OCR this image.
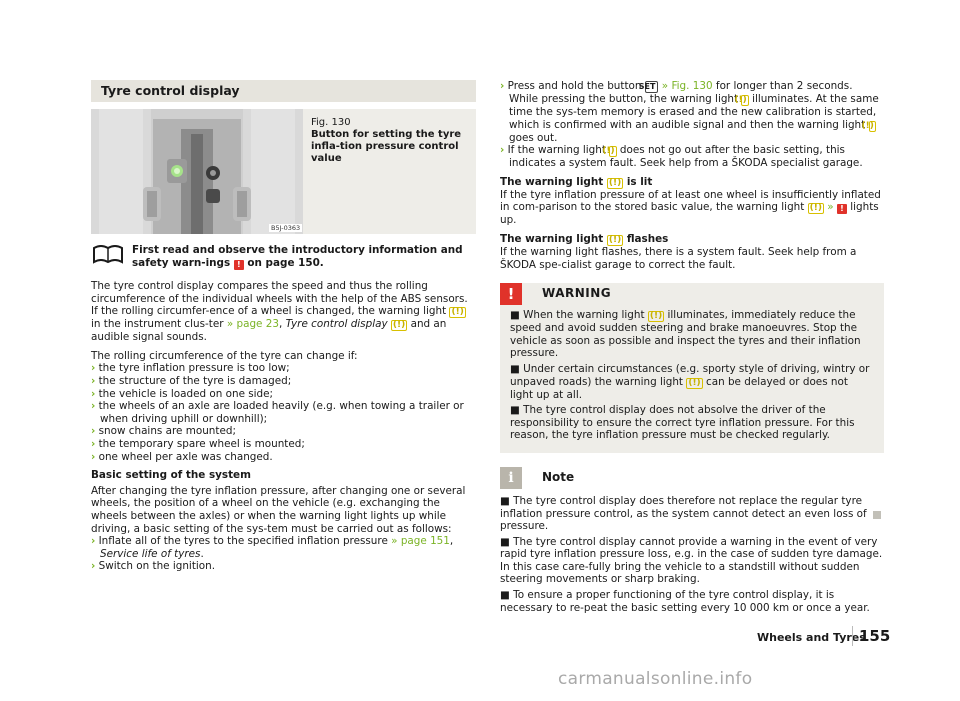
Tyre control display
B5J-0363
Fig. 130
Button for setting the tyre infla-tion pressure control value
First read and observe the introductory information and safety warn-ings ! on page 150.

The tyre control display compares the speed and thus the rolling circumference of the individual wheels with the help of the ABS sensors. If the rolling circumfer-ence of a wheel is changed, the warning light (!) in the instrument clus-ter » page 23, Tyre control display (!) and an audible signal sounds.

The rolling circumference of the tyre can change if:

› the tyre inflation pressure is too low;

› the structure of the tyre is damaged;

› the vehicle is loaded on one side;

› the wheels of an axle are loaded heavily (e.g. when towing a trailer or when driving uphill or downhill);

› snow chains are mounted;

› the temporary spare wheel is mounted;

› one wheel per axle was changed.

Basic setting of the system

After changing the tyre inflation pressure, after changing one or several wheels, the position of a wheel on the vehicle (e.g. exchanging the wheels between the axles) or when the warning light lights up while driving, a basic setting of the sys-tem must be carried out as follows:

› Inflate all of the tyres to the specified inflation pressure » page 151, Service life of tyres.

› Switch on the ignition.

› Press and hold the button SET » Fig. 130 for longer than 2 seconds. While pressing the button, the warning light (!) illuminates. At the same time the sys-tem memory is erased and the new calibration is started, which is confirmed with an audible signal and then the warning light (!) goes out.

› If the warning light (!) does not go out after the basic setting, this indicates a system fault. Seek help from a ŠKODA specialist garage.

The warning light (!) is lit

If the tyre inflation pressure of at least one wheel is insufficiently inflated in com-parison to the stored basic value, the warning light (!) » ! lights up.

The warning light (!) flashes

If the warning light flashes, there is a system fault. Seek help from a ŠKODA spe-cialist garage to correct the fault.

!	WARNING

■ When the warning light (!) illuminates, immediately reduce the speed and avoid sudden steering and brake manoeuvres. Stop the vehicle as soon as possible and inspect the tyres and their inflation pressure.

■ Under certain circumstances (e.g. sporty style of driving, wintry or unpaved roads) the warning light (!) can be delayed or does not light up at all.

■ The tyre control display does not absolve the driver of the responsibility to ensure the correct tyre inflation pressure. For this reason, the tyre inflation pressure must be checked regularly.

i	Note

■ The tyre control display does therefore not replace the regular tyre inflation pressure control, as the system cannot detect an even loss of pressure.

■ The tyre control display cannot provide a warning in the event of very rapid tyre inflation pressure loss, e.g. in the case of sudden tyre damage. In this case care-fully bring the vehicle to a standstill without sudden steering movements or sharp braking.

■ To ensure a proper functioning of the tyre control display, it is necessary to re-peat the basic setting every 10 000 km or once a year.

Wheels and Tyres
155
carmanualsonline.info
